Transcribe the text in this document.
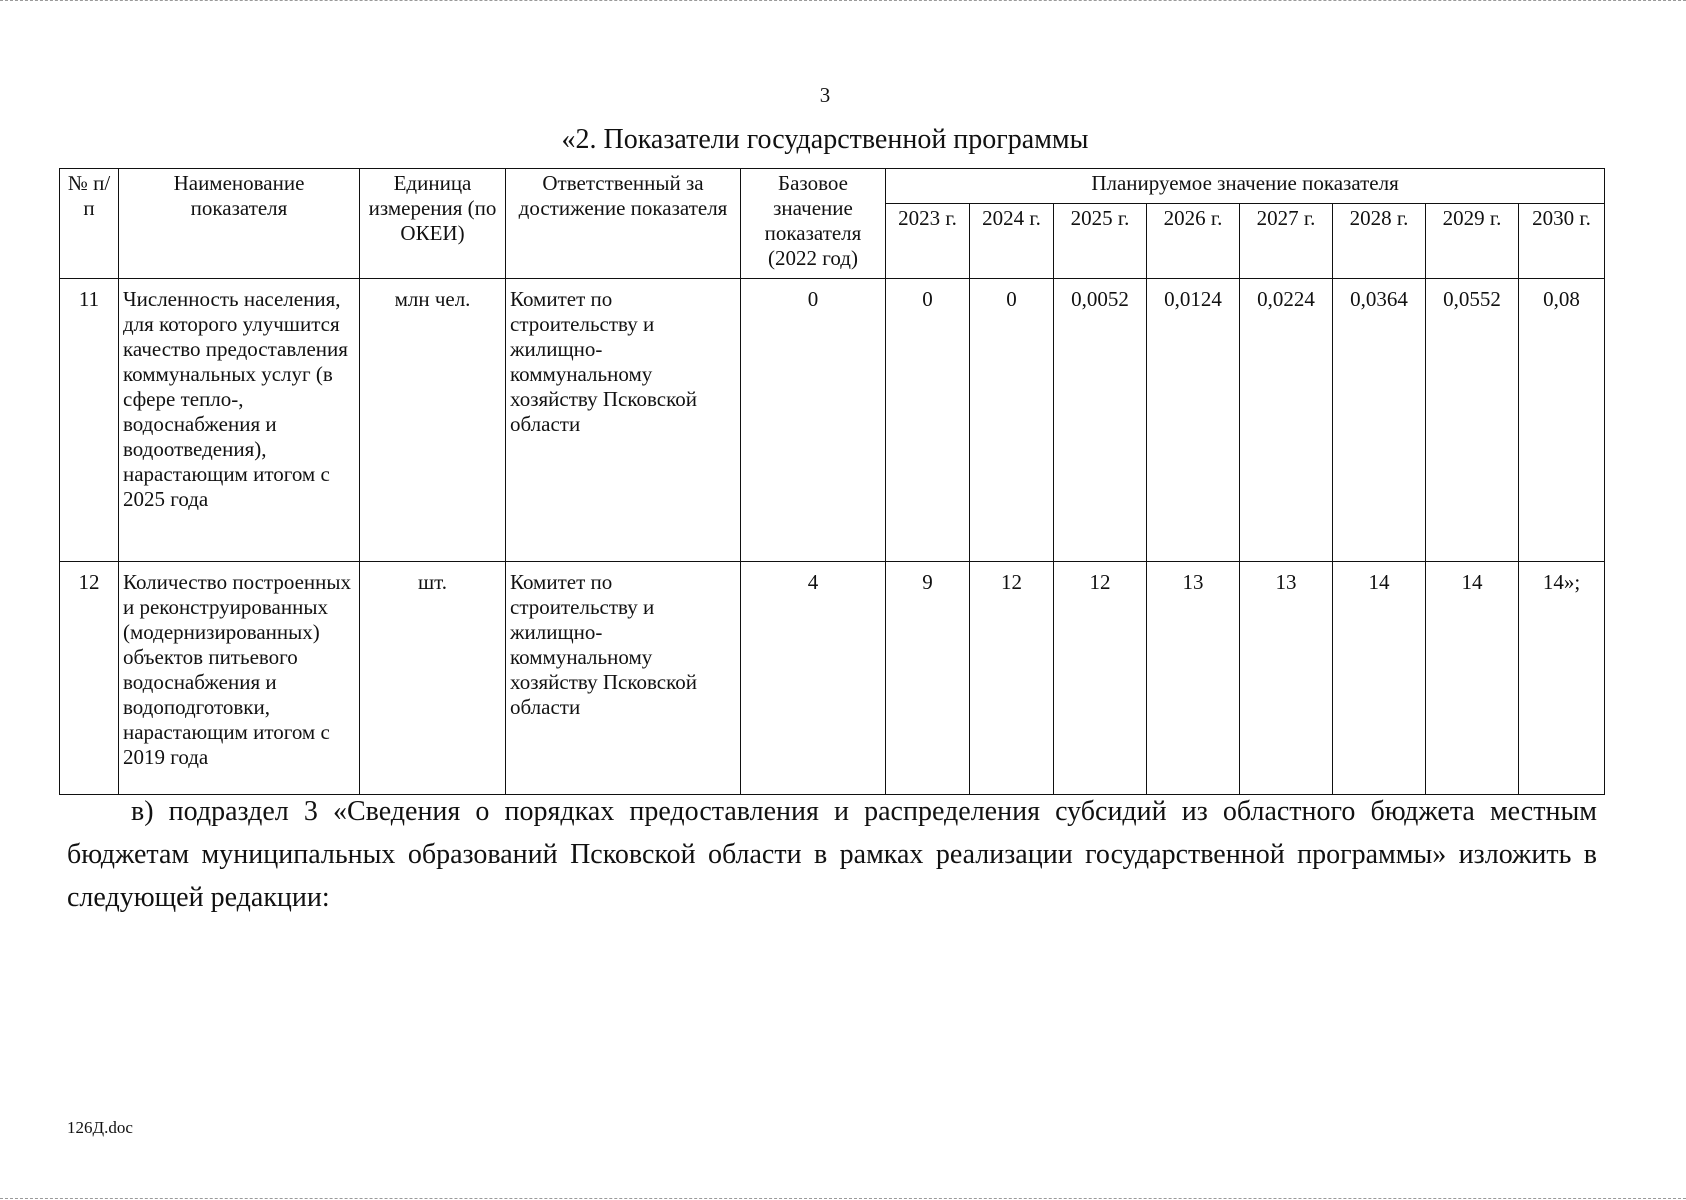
3
«2. Показатели государственной программы
№ п/п	Наименование показателя	Единица измерения (по ОКЕИ)	Ответственный за достижение показателя	Базовое значение показателя (2022 год)	Планируемое значение показателя							
					2023 г.	2024 г.	2025 г.	2026 г.	2027 г.	2028 г.	2029 г.	2030 г.
11	Численность населения, для которого улучшится качество предоставления коммунальных услуг (в сфере тепло-, водоснабжения и водоотведения), нарастающим итогом с 2025 года	млн чел.	Комитет по строительству и жилищно-коммунальному хозяйству Псковской области	0	0	0	0,0052	0,0124	0,0224	0,0364	0,0552	0,08
12	Количество построенных и реконструированных (модернизированных) объектов питьевого водоснабжения и водоподготовки, нарастающим итогом с 2019 года	шт.	Комитет по строительству и жилищно-коммунальному хозяйству Псковской области	4	9	12	12	13	13	14	14	14»;
в) подраздел 3 «Сведения о порядках предоставления и распределения субсидий из областного бюджета местным бюджетам муниципальных образований Псковской области в рамках реализации государственной программы» изложить в следующей редакции:
126Д.doc
